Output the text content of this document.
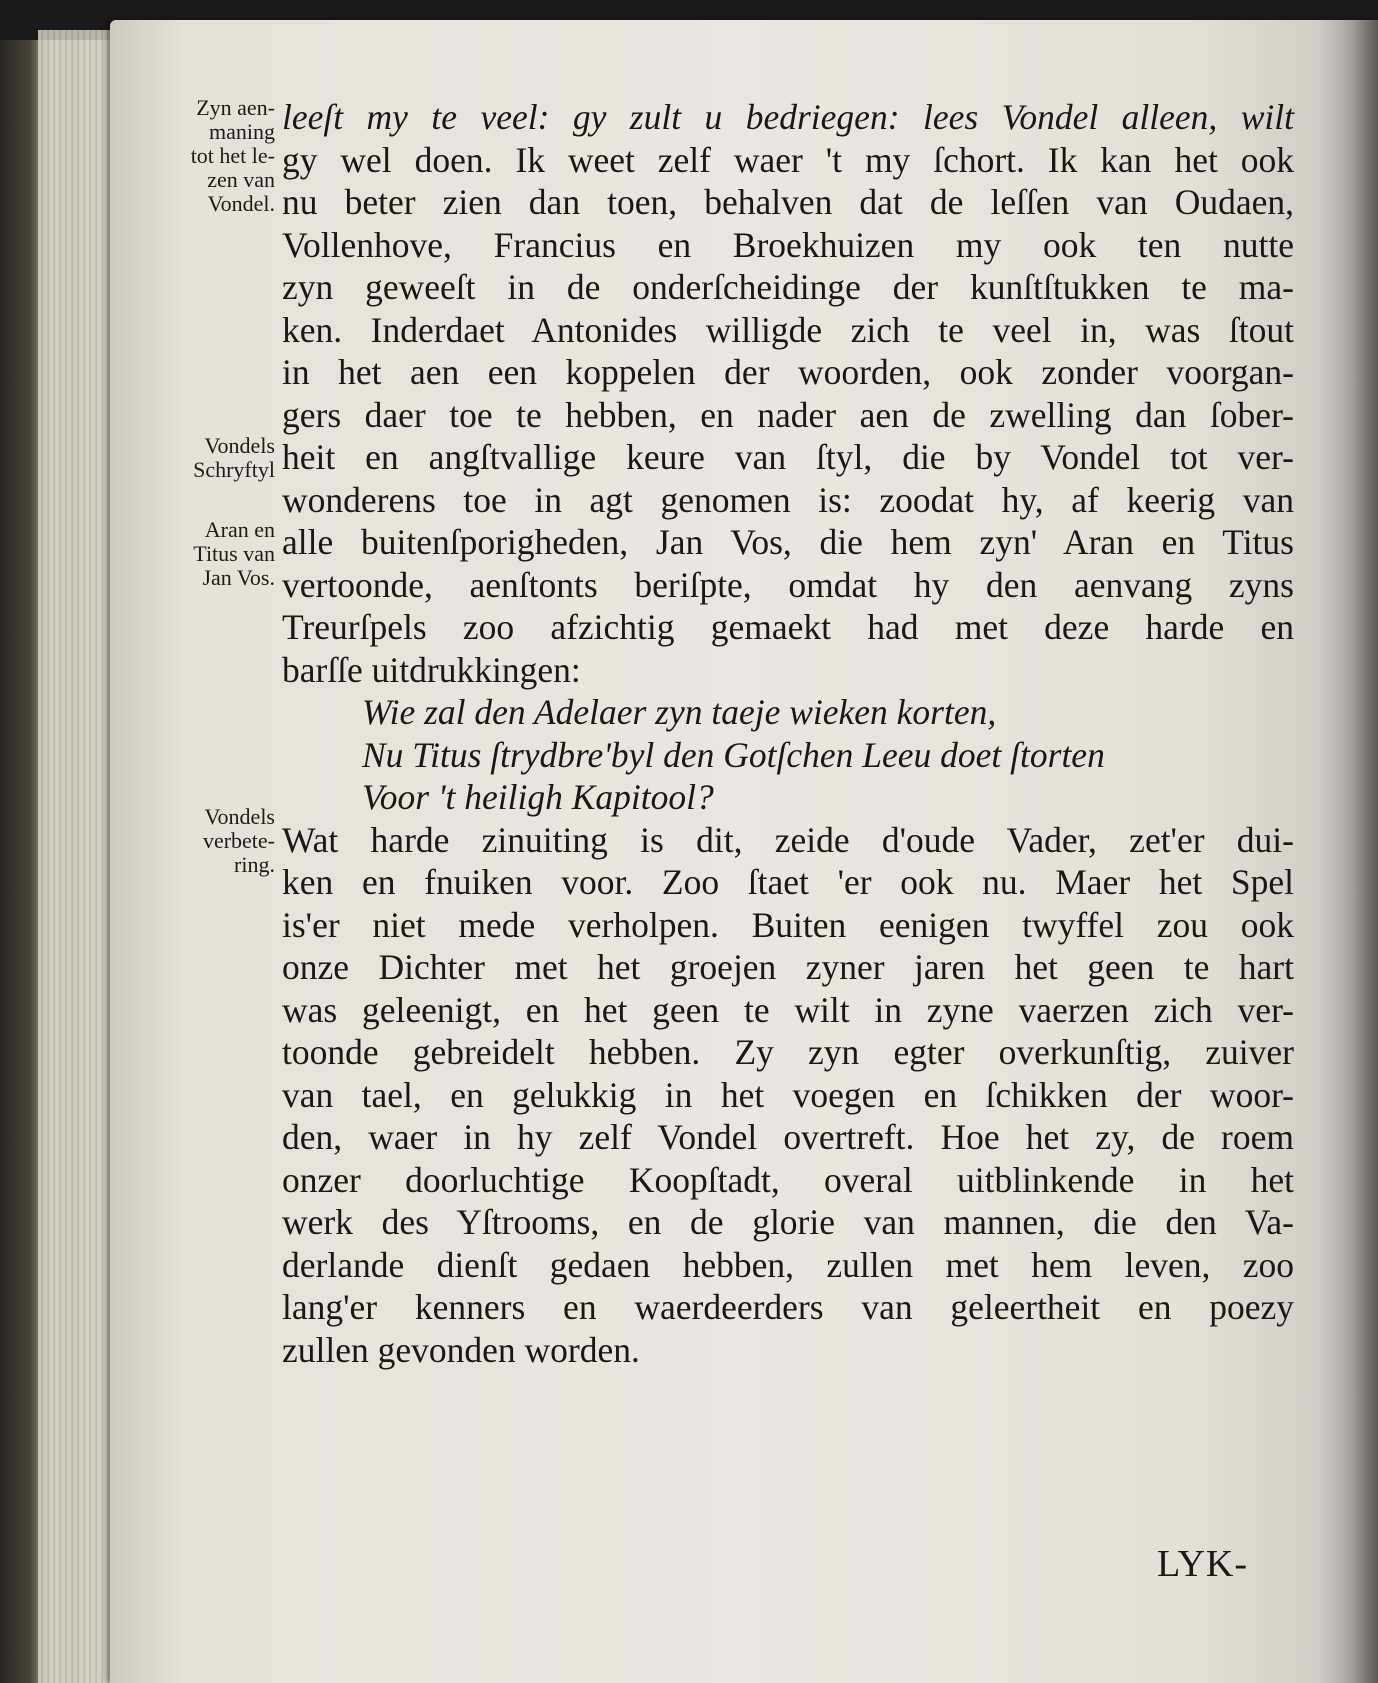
Zyn aen-
maning
tot het le-
zen van
Vondel.
Vondels
Schryftyl
Aran en
Titus van
Jan Vos.
Vondels
verbete-
ring.
leeſt my te veel: gy zult u bedriegen: lees Vondel alleen, wilt
gy wel doen. Ik weet zelf waer 't my ſchort. Ik kan het ook
nu beter zien dan toen, behalven dat de leſſen van Oudaen,
Vollenhove, Francius en Broekhuizen my ook ten nutte
zyn geweeſt in de onderſcheidinge der kunſtſtukken te ma-
ken. Inderdaet Antonides willigde zich te veel in, was ſtout
in het aen een koppelen der woorden, ook zonder voorgan-
gers daer toe te hebben, en nader aen de zwelling dan ſober-
heit en angſtvallige keure van ſtyl, die by Vondel tot ver-
wonderens toe in agt genomen is: zoodat hy, af keerig van
alle buitenſporigheden, Jan Vos, die hem zyn' Aran en Titus
vertoonde, aenſtonts beriſpte, omdat hy den aenvang zyns
Treurſpels zoo afzichtig gemaekt had met deze harde en
barſſe uitdrukkingen:
Wie zal den Adelaer zyn taeje wieken korten,
Nu Titus ſtrydbre'byl den Gotſchen Leeu doet ſtorten
Voor 't heiligh Kapitool?
Wat harde zinuiting is dit, zeide d'oude Vader, zet'er dui-
ken en fnuiken voor. Zoo ſtaet 'er ook nu. Maer het Spel
is'er niet mede verholpen. Buiten eenigen twyffel zou ook
onze Dichter met het groejen zyner jaren het geen te hart
was geleenigt, en het geen te wilt in zyne vaerzen zich ver-
toonde gebreidelt hebben. Zy zyn egter overkunſtig, zuiver
van tael, en gelukkig in het voegen en ſchikken der woor-
den, waer in hy zelf Vondel overtreft. Hoe het zy, de roem
onzer doorluchtige Koopſtadt, overal uitblinkende in het
werk des Yſtrooms, en de glorie van mannen, die den Va-
derlande dienſt gedaen hebben, zullen met hem leven, zoo
lang'er kenners en waerdeerders van geleertheit en poezy
zullen gevonden worden.
LYK-
